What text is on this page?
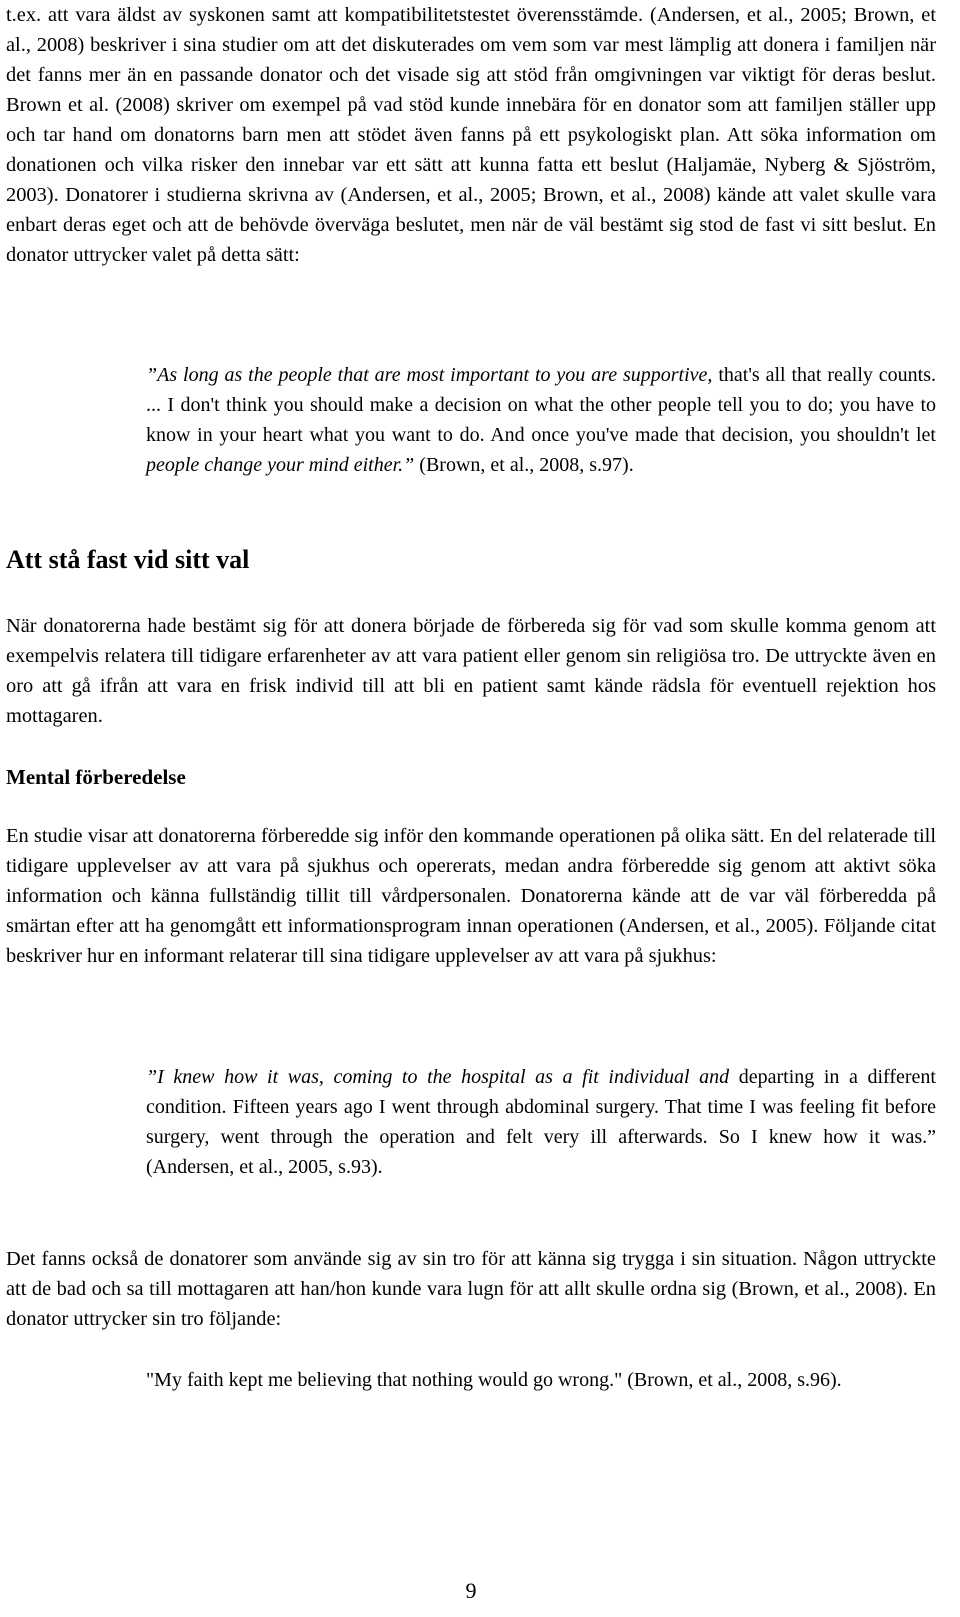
t.ex. att vara äldst av syskonen samt att kompatibilitetstestet överensstämde. (Andersen, et al., 2005; Brown, et al., 2008) beskriver i sina studier om att det diskuterades om vem som var mest lämplig att donera i familjen när det fanns mer än en passande donator och det visade sig att stöd från omgivningen var viktigt för deras beslut. Brown et al. (2008) skriver om exempel på vad stöd kunde innebära för en donator som att familjen ställer upp och tar hand om donatorns barn men att stödet även fanns på ett psykologiskt plan. Att söka information om donationen och vilka risker den innebar var ett sätt att kunna fatta ett beslut (Haljamäe, Nyberg & Sjöström, 2003). Donatorer i studierna skrivna av (Andersen, et al., 2005; Brown, et al., 2008) kände att valet skulle vara enbart deras eget och att de behövde överväga beslutet, men när de väl bestämt sig stod de fast vi sitt beslut. En donator uttrycker valet på detta sätt:

”As long as the people that are most important to you are supportive, that's all that really counts. ... I don't think you should make a decision on what the other people tell you to do; you have to know in your heart what you want to do. And once you've made that decision, you shouldn't let people change your mind either.” (Brown, et al., 2008, s.97).

Att stå fast vid sitt val

När donatorerna hade bestämt sig för att donera började de förbereda sig för vad som skulle komma genom att exempelvis relatera till tidigare erfarenheter av att vara patient eller genom sin religiösa tro. De uttryckte även en oro att gå ifrån att vara en frisk individ till att bli en patient samt kände rädsla för eventuell rejektion hos mottagaren.

Mental förberedelse

En studie visar att donatorerna förberedde sig inför den kommande operationen på olika sätt. En del relaterade till tidigare upplevelser av att vara på sjukhus och opererats, medan andra förberedde sig genom att aktivt söka information och känna fullständig tillit till vårdpersonalen. Donatorerna kände att de var väl förberedda på smärtan efter att ha genomgått ett informationsprogram innan operationen (Andersen, et al., 2005). Följande citat beskriver hur en informant relaterar till sina tidigare upplevelser av att vara på sjukhus:

”I knew how it was, coming to the hospital as a fit individual and departing in a different condition. Fifteen years ago I went through abdominal surgery. That time I was feeling fit before surgery, went through the operation and felt very ill afterwards. So I knew how it was.” (Andersen, et al., 2005, s.93).

Det fanns också de donatorer som använde sig av sin tro för att känna sig trygga i sin situation. Någon uttryckte att de bad och sa till mottagaren att han/hon kunde vara lugn för att allt skulle ordna sig (Brown, et al., 2008). En donator uttrycker sin tro följande:

"My faith kept me believing that nothing would go wrong." (Brown, et al., 2008, s.96).

9
